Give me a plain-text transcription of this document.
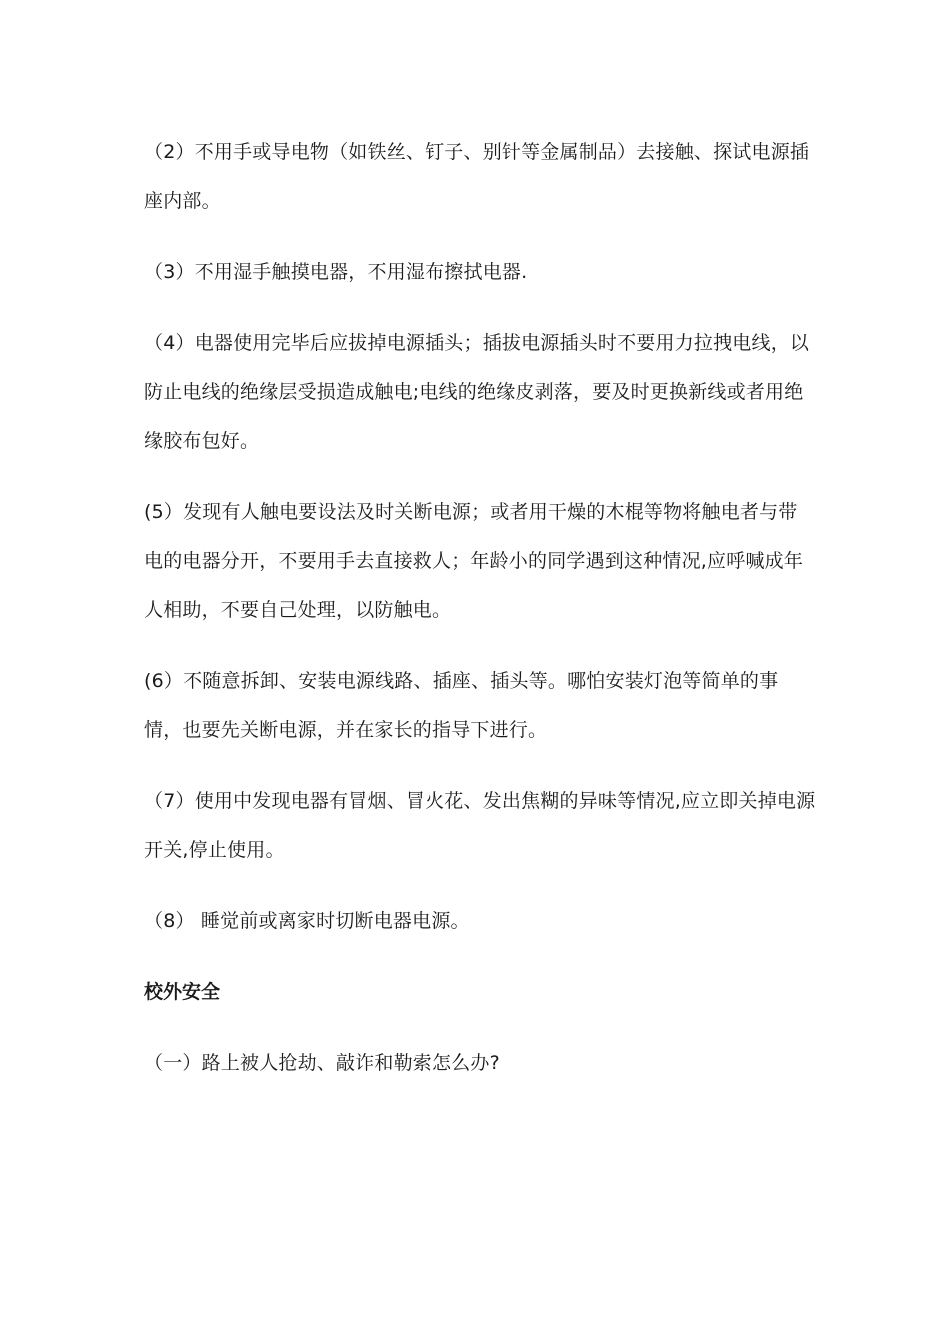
（2）不用手或导电物（如铁丝、钉子、别针等金属制品）去接触、探试电源插座内部。

（3）不用湿手触摸电器，不用湿布擦拭电器.

（4）电器使用完毕后应拔掉电源插头；插拔电源插头时不要用力拉拽电线，以防止电线的绝缘层受损造成触电;电线的绝缘皮剥落，要及时更换新线或者用绝缘胶布包好。

(5）发现有人触电要设法及时关断电源；或者用干燥的木棍等物将触电者与带电的电器分开，不要用手去直接救人；年龄小的同学遇到这种情况,应呼喊成年人相助，不要自己处理，以防触电。

(6）不随意拆卸、安装电源线路、插座、插头等。哪怕安装灯泡等简单的事情，也要先关断电源，并在家长的指导下进行。

（7）使用中发现电器有冒烟、冒火花、发出焦糊的异味等情况,应立即关掉电源开关,停止使用。

（8） 睡觉前或离家时切断电器电源。

校外安全

（一）路上被人抢劫、敲诈和勒索怎么办?
